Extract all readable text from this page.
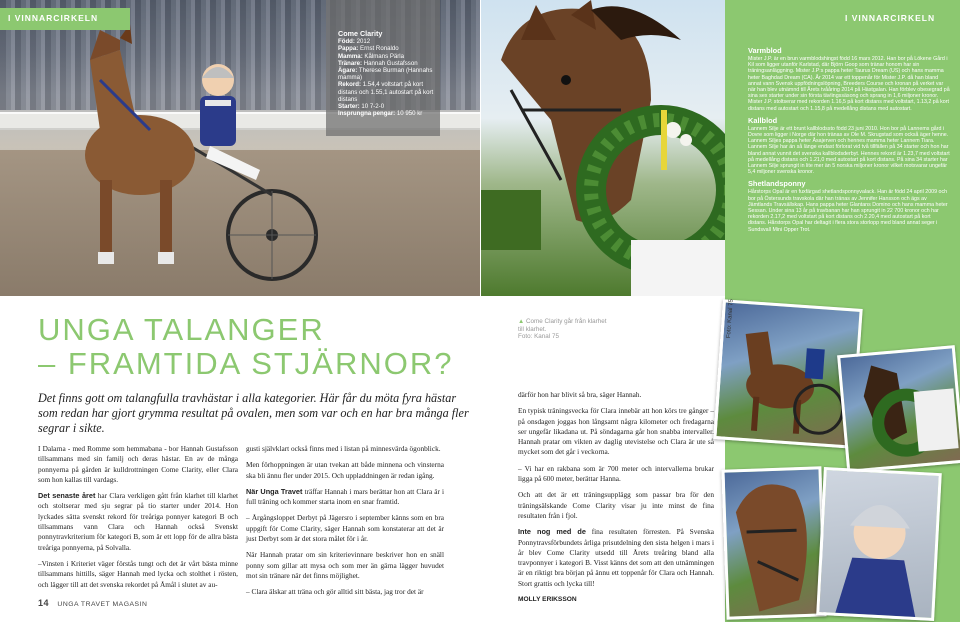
I VINNARCIRKELN
Come Clarity
Född: 2012
Pappa: Ernst Ronaldo
Mamma: Kålmans Pärla
Tränare: Hannah Gustafsson
Ägare: Therese Burman (Hannahs mamma)
Rekord: 1.54,4 voltstart på kort distans och 1.55,1 autostart på kort distans
Starter: 10 7-2-0
Insprungna pengar: 10 950 kr
I VINNARCIRKELN
Varmblod

Mister J.P. är en brun varmblodshingst född 16 mars 2012. Han bor på Lökene Gård i Kil som ligger utanför Karlstad, där Björn Goop som tränar honom har sin träningsanläggning. Mister J.P:s pappa heter Taurus Dream (US) och hans mamma heter Baghdad Dream (CA). År 2014 var ett toppenår för Mister J.P. då han bland annat vann Svensk uppfödningslöpning, Breeders Course och kronan på verket var när han blev utnämnd till Årets tvååring 2014 på Hästgalan. Han förblev obesegrad på sina sex starter under sin första tävlingssäsong och sprang in 1,6 miljoner kronor. Mister J.P. stoltserar med rekorden 1.16,5 på kort distans med voltstart, 1.13,2 på kort distans med autostart och 1.15,8 på medellång distans med autostart.

Kallblod

Lannem Silje är ett brunt kallblodssto född 23 juni 2010. Hon bor på Lannems gård i Dovre som ligger i Norge där hon tränas av Ole M. Skrugstad som också äger henne. Lannem Siljes pappa heter Åsajerven och hennes mamma heter Lannem Tiara. Lannem Silje har än så länge endast förlorat vid två tillfällen på 34 starter och hon har bland annat vunnit det svenska kallblodsderbyt. Hennes rekord är 1.23,7 med voltstart på medellång distans och 1.21,0 med autostart på kort distans. På sina 34 starter har Lannem Silje sprungit in lite mer än 5 norska miljoner kronor vilket motsvarar ungefär 5,4 miljoner svenska kronor.

Shetlandsponny

Hårstorps Opal är en fuxfärgad shetlandsponnyvalack. Han är född 24 april 2009 och bor på Östersunds travskola där han tränas av Jennifer Hansson och ägs av Jämtlands Travsällskap. Hans pappa heter Glantans Domino och hans mamma heter Sessan. Under sina 13 år på travbanan har han sprungit in 22 700 kronor och har rekorden 2.17,2 med voltstart på kort distans och 2.20,4 med autostart på kort distans. Hårstorps Opal har deltagit i flera stora storlopp med bland annat seger i Sundsvall Mini Opper Trot.

Foto: Kanal 75
UNGA TALANGER
– FRAMTIDA STJÄRNOR?
▲ Come Clarity går från klarhet till klarhet.
Foto: Kanal 75
Det finns gott om talangfulla travhästar i alla kategorier. Här får du möta fyra hästar som redan har gjort grymma resultat på ovalen, men som var och en har bra många fler segrar i sikte.

I Dalarna - med Romme som hemmabana - bor Hannah Gustafsson tillsammans med sin familj och deras hästar. En av de många ponnyerna på gården är kulldrottningen Come Clarity, eller Clara som hon kallas till vardags.

Det senaste året har Clara verkligen gått från klarhet till klarhet och stoltserar med sju segrar på tio starter under 2014. Hon lyckades sätta svenskt rekord för treåriga ponnyer kategori B och tillsammans vann Clara och Hannah också Svenskt ponnytravkriterium för kategori B, som är ett lopp för de allra bästa treåriga ponnyerna, på Solvalla.

–Vinsten i Kriteriet väger förstås tungt och det är vårt bästa minne tillsammans hittills, säger Hannah med lycka och stolthet i rösten, och lägger till att det svenska rekordet på Åmål i slutet av au-

gusti självklart också finns med i listan på minnesvärda ögonblick.

Men förhoppningen är utan tvekan att både minnena och vinsterna ska bli ännu fler under 2015. Och uppladdningen är redan igång.

När Unga Travet träffar Hannah i mars berättar hon att Clara är i full träning och kommer starta inom en snar framtid.

– Årgångsloppet Derbyt på Jägersro i september känns som en bra uppgift för Come Clarity, säger Hannah som konstaterar att det är just Derbyt som är det stora målet för i år.

När Hannah pratar om sin kriterievinnare beskriver hon en snäll ponny som gillar att mysa och som mer än gärna lägger huvudet mot sin tränare när det finns möjlighet.

– Clara älskar att träna och gör alltid sitt bästa, jag tror det är

därför hon har blivit så bra, säger Hannah.

En typisk träningsvecka för Clara innebär att hon körs tre gånger – på onsdagen joggas hon långsamt några kilometer och fredagarna ser ungefär likadana ut. På söndagarna går hon snabba intervaller. Hannah pratar om vikten av daglig utevistelse och Clara är ute så mycket som det går i veckorna.

– Vi har en rakbana som är 700 meter och intervallerna brukar ligga på 600 meter, berättar Hanna.

Och att det är ett träningsupplägg som passar bra för den träningsälskande Come Clarity visar ju inte minst de fina resultaten från i fjol.

Inte nog med de fina resultaten förresten. På Svenska Ponnytravsförbundets årliga prisutdelning den sista helgen i mars i år blev Come Clarity utsedd till Årets treåring bland alla travponnyer i kategori B. Visst känns det som att den utnämningen är en riktigt bra början på ännu ett toppenår för Clara och Hannah. Stort grattis och lycka till!

MOLLY ERIKSSON

14 UNGA TRAVET MAGASIN
